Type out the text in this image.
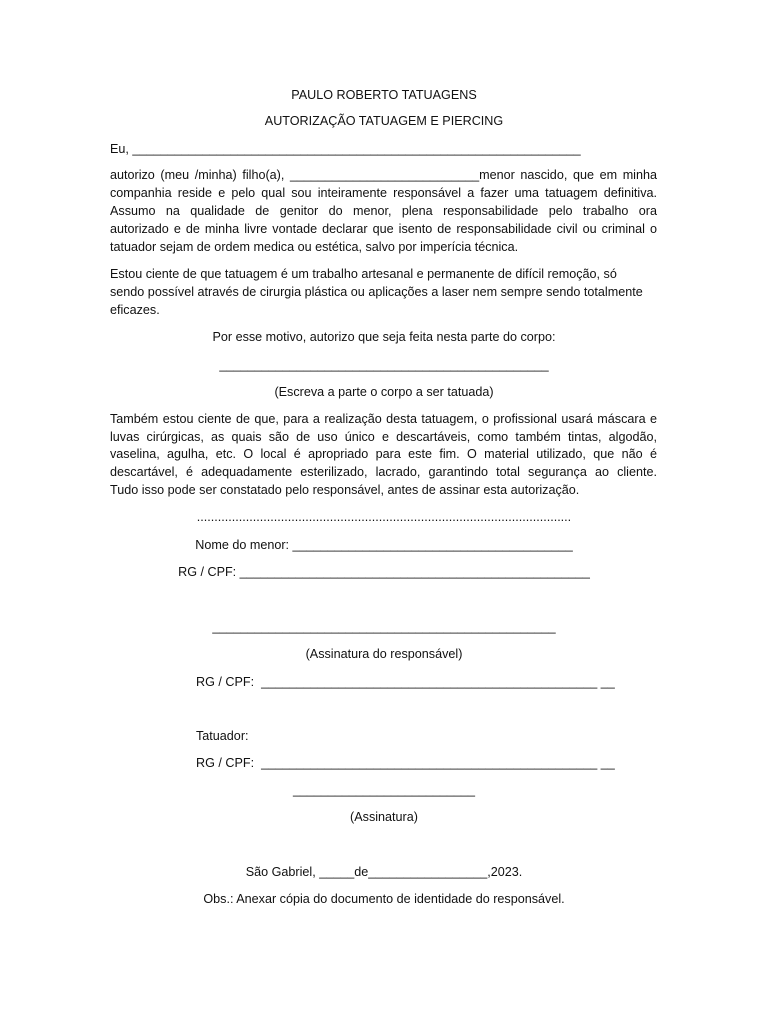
PAULO ROBERTO TATUAGENS
AUTORIZAÇÃO TATUAGEM E PIERCING
Eu, ________________________________________________________________
autorizo (meu /minha) filho(a), ___________________________menor nascido, que em minha
companhia reside e pelo qual sou inteiramente responsável a fazer uma tatuagem definitiva.
Assumo na qualidade de genitor do menor, plena responsabilidade pelo trabalho ora
autorizado e de minha livre vontade declarar que isento de responsabilidade civil ou criminal o
tatuador sejam de ordem medica ou estética, salvo por imperícia técnica.
Estou ciente de que tatuagem é um trabalho artesanal e permanente de difícil remoção, só
sendo possível através de cirurgia plástica ou aplicações a laser nem sempre sendo totalmente
eficazes.
Por esse motivo, autorizo que seja feita nesta parte do corpo:
_______________________________________________
(Escreva a parte o corpo a ser tatuada)
Também estou ciente de que, para a realização desta tatuagem, o profissional usará máscara e
luvas cirúrgicas, as quais são de uso único e descartáveis, como também tintas, algodão,
vaselina, agulha, etc. O local é apropriado para este fim. O material utilizado, que não é
descartável, é adequadamente esterilizado, lacrado, garantindo total segurança ao cliente.
Tudo isso pode ser constatado pelo responsável, antes de assinar esta autorização.
...........................................................................................................
Nome do menor: ________________________________________
RG / CPF: __________________________________________________
_________________________________________________
(Assinatura do responsável)
RG / CPF:  ________________________________________________ __
Tatuador:
RG / CPF:  ________________________________________________ __
__________________________
(Assinatura)
São Gabriel, _____de_________________,2023.
Obs.: Anexar cópia do documento de identidade do responsável.
